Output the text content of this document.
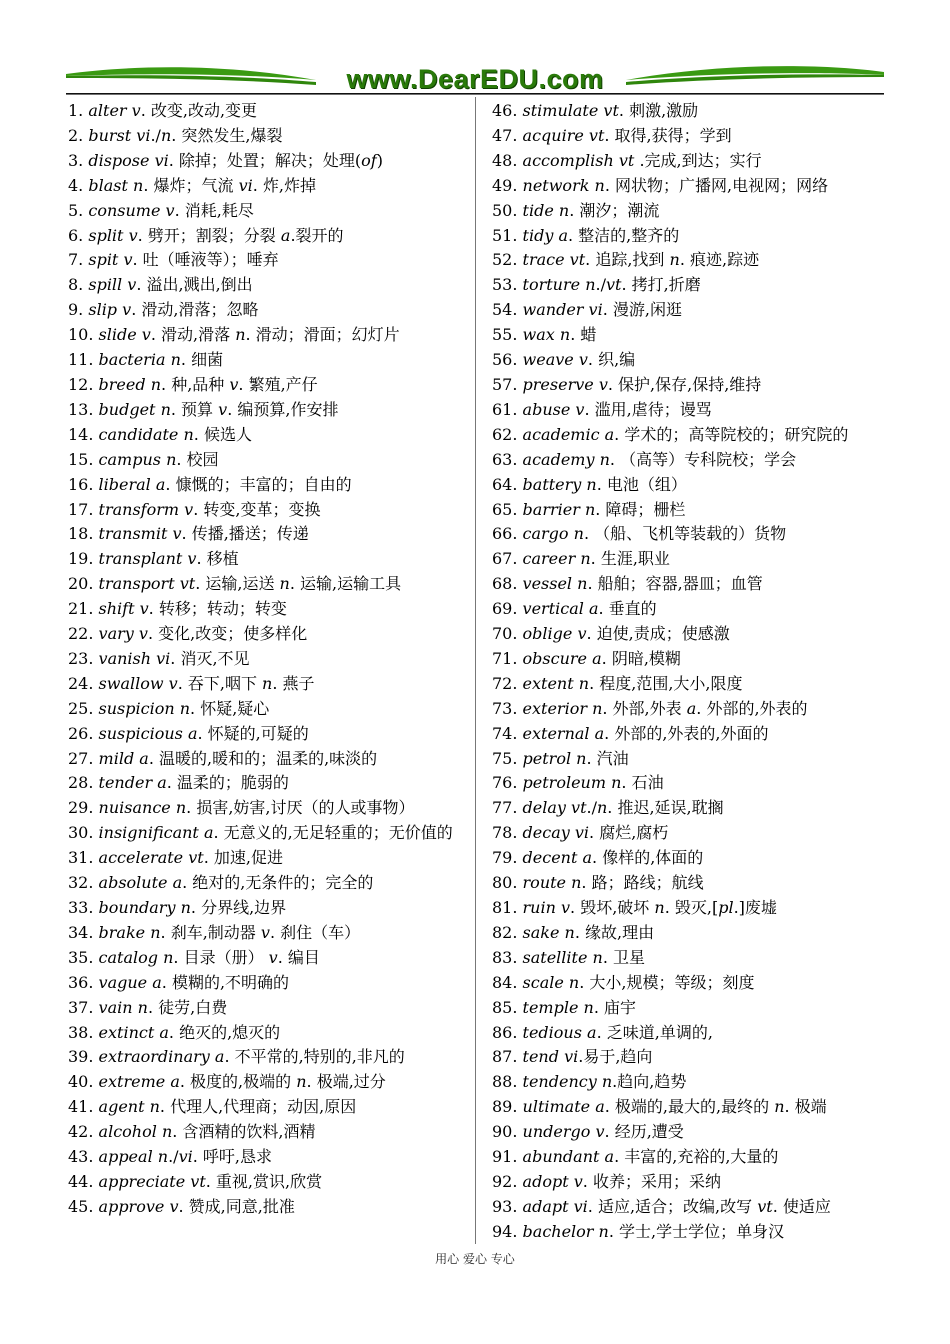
www.DearEDU.com
1. alter v. 改变,改动,变更
2. burst vi./n. 突然发生,爆裂
3. dispose vi. 除掉；处置；解决；处理(of)
4. blast n. 爆炸；气流 vi. 炸,炸掉
5. consume v. 消耗,耗尽
6. split v. 劈开；割裂；分裂 a.裂开的
7. spit v. 吐（唾液等）；唾弃
8. spill v. 溢出,溅出,倒出
9. slip v. 滑动,滑落；忽略
10. slide v. 滑动,滑落 n. 滑动；滑面；幻灯片
11. bacteria n. 细菌
12. breed n. 种,品种 v. 繁殖,产仔
13. budget n. 预算 v. 编预算,作安排
14. candidate n. 候选人
15. campus n. 校园
16. liberal a. 慷慨的；丰富的；自由的
17. transform v. 转变,变革；变换
18. transmit v. 传播,播送；传递
19. transplant v. 移植
20. transport vt. 运输,运送 n. 运输,运输工具
21. shift v. 转移；转动；转变
22. vary v. 变化,改变；使多样化
23. vanish vi. 消灭,不见
24. swallow v. 吞下,咽下 n. 燕子
25. suspicion n. 怀疑,疑心
26. suspicious a. 怀疑的,可疑的
27. mild a. 温暖的,暖和的；温柔的,味淡的
28. tender a. 温柔的；脆弱的
29. nuisance n. 损害,妨害,讨厌（的人或事物）
30. insignificant a. 无意义的,无足轻重的；无价值的
31. accelerate vt. 加速,促进
32. absolute a. 绝对的,无条件的；完全的
33. boundary n. 分界线,边界
34. brake n. 刹车,制动器 v. 刹住（车）
35. catalog n. 目录（册） v. 编目
36. vague a. 模糊的,不明确的
37. vain n. 徒劳,白费
38. extinct a. 绝灭的,熄灭的
39. extraordinary a. 不平常的,特别的,非凡的
40. extreme a. 极度的,极端的 n. 极端,过分
41. agent n. 代理人,代理商；动因,原因
42. alcohol n. 含酒精的饮料,酒精
43. appeal n./vi. 呼吁,恳求
44. appreciate vt. 重视,赏识,欣赏
45. approve v. 赞成,同意,批准
46. stimulate vt. 刺激,激励
47. acquire vt. 取得,获得；学到
48. accomplish vt .完成,到达；实行
49. network n. 网状物；广播网,电视网；网络
50. tide n. 潮汐；潮流
51. tidy a. 整洁的,整齐的
52. trace vt. 追踪,找到 n. 痕迹,踪迹
53. torture n./vt. 拷打,折磨
54. wander vi. 漫游,闲逛
55. wax n. 蜡
56. weave v. 织,编
57. preserve v. 保护,保存,保持,维持
61. abuse v. 滥用,虐待；谩骂
62. academic a. 学术的；高等院校的；研究院的
63. academy n. （高等）专科院校；学会
64. battery n. 电池（组）
65. barrier n. 障碍；栅栏
66. cargo n. （船、飞机等装载的）货物
67. career n. 生涯,职业
68. vessel n. 船舶；容器,器皿；血管
69. vertical a. 垂直的
70. oblige v. 迫使,责成；使感激
71. obscure a. 阴暗,模糊
72. extent n. 程度,范围,大小,限度
73. exterior n. 外部,外表 a. 外部的,外表的
74. external a. 外部的,外表的,外面的
75. petrol n. 汽油
76. petroleum n. 石油
77. delay vt./n. 推迟,延误,耽搁
78. decay vi. 腐烂,腐朽
79. decent a. 像样的,体面的
80. route n. 路；路线；航线
81. ruin v. 毁坏,破坏 n. 毁灭,[pl.]废墟
82. sake n. 缘故,理由
83. satellite n. 卫星
84. scale n. 大小,规模；等级；刻度
85. temple n. 庙宇
86. tedious a. 乏味道,单调的,
87. tend vi.易于,趋向
88. tendency n.趋向,趋势
89. ultimate a. 极端的,最大的,最终的 n. 极端
90. undergo v. 经历,遭受
91. abundant a. 丰富的,充裕的,大量的
92. adopt v. 收养；采用；采纳
93. adapt vi. 适应,适合；改编,改写 vt. 使适应
94. bachelor n. 学士,学士学位；单身汉
用心 爱心 专心
